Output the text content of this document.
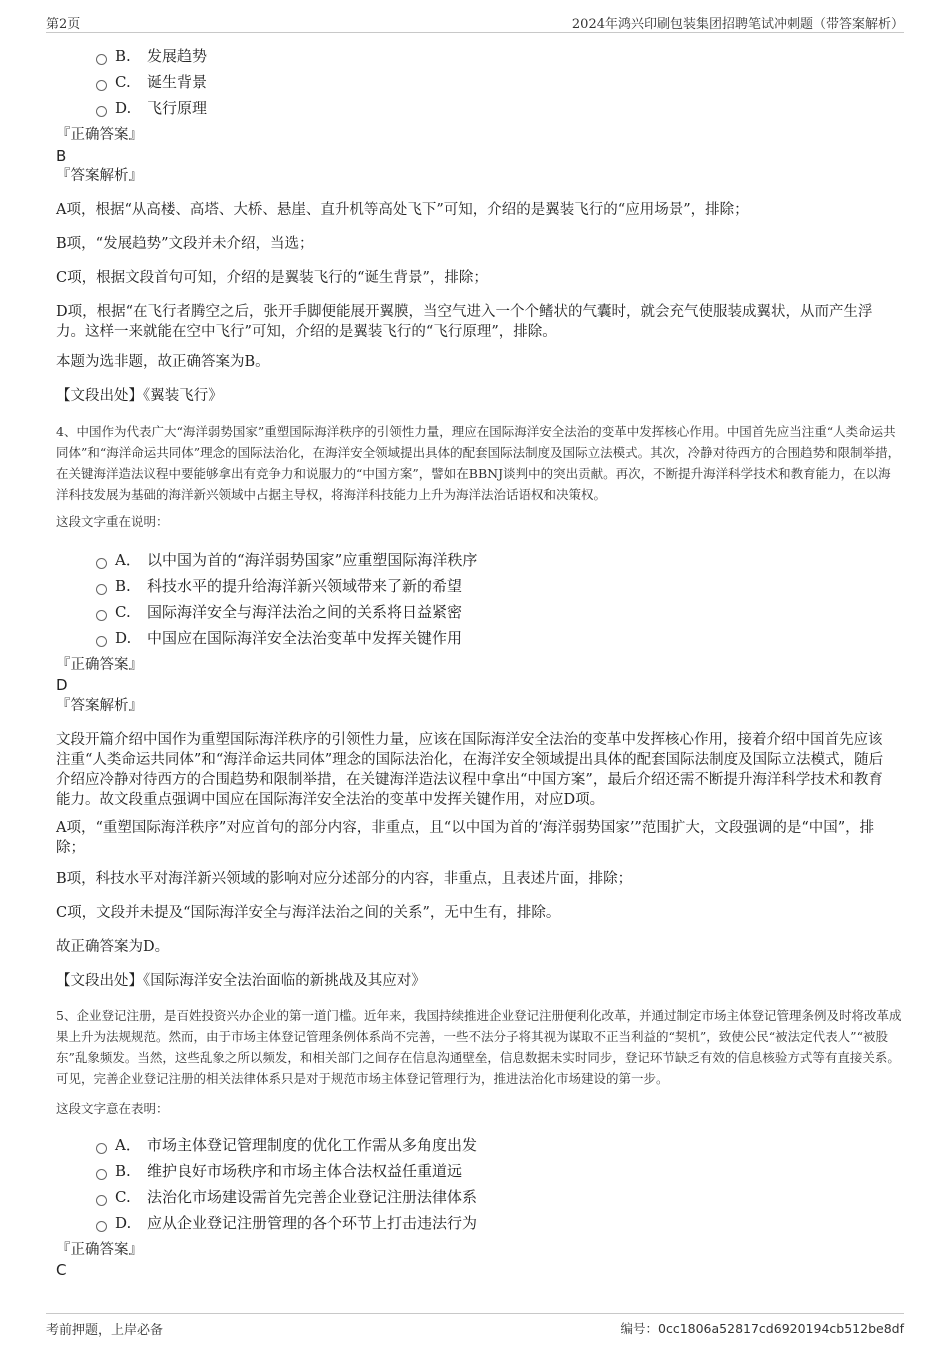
第2页	2024年鸿兴印刷包装集团招聘笔试冲刺题（带答案解析）
B. 发展趋势
C. 诞生背景
D. 飞行原理
『正确答案』
B
『答案解析』
A项，根据“从高楼、高塔、大桥、悬崖、直升机等高处飞下”可知，介绍的是翼装飞行的“应用场景”，排除；
B项，“发展趋势”文段并未介绍，当选；
C项，根据文段首句可知，介绍的是翼装飞行的“诞生背景”，排除；
D项，根据“在飞行者腾空之后，张开手脚便能展开翼膜，当空气进入一个个鳍状的气囊时，就会充气使服装成翼状，从而产生浮力。这样一来就能在空中飞行”可知，介绍的是翼装飞行的“飞行原理”，排除。
本题为选非题，故正确答案为B。
【文段出处】《翼装飞行》
4、中国作为代表广大“海洋弱势国家”重塑国际海洋秩序的引领性力量，理应在国际海洋安全法治的变革中发挥核心作用。中国首先应当注重“人类命运共同体”和“海洋命运共同体”理念的国际法治化，在海洋安全领域提出具体的配套国际法制度及国际立法模式。其次，冷静对待西方的合围趋势和限制举措，在关键海洋造法议程中要能够拿出有竞争力和说服力的“中国方案”，譬如在BBNJ谈判中的突出贡献。再次，不断提升海洋科学技术和教育能力，在以海洋科技发展为基础的海洋新兴领域中占据主导权，将海洋科技能力上升为海洋法治话语权和决策权。
这段文字重在说明：
A． 以中国为首的“海洋弱势国家”应重塑国际海洋秩序
B. 科技水平的提升给海洋新兴领域带来了新的希望
C. 国际海洋安全与海洋法治之间的关系将日益紧密
D. 中国应在国际海洋安全法治变革中发挥关键作用
『正确答案』
D
『答案解析』
文段开篇介绍中国作为重塑国际海洋秩序的引领性力量，应该在国际海洋安全法治的变革中发挥核心作用，接着介绍中国首先应该注重“人类命运共同体”和“海洋命运共同体”理念的国际法治化，在海洋安全领域提出具体的配套国际法制度及国际立法模式，随后介绍应冷静对待西方的合围趋势和限制举措，在关键海洋造法议程中拿出“中国方案”，最后介绍还需不断提升海洋科学技术和教育能力。故文段重点强调中国应在国际海洋安全法治的变革中发挥关键作用，对应D项。
A项，“重塑国际海洋秩序”对应首句的部分内容，非重点，且“以中国为首的‘海洋弱势国家’”范围扩大，文段强调的是“中国”，排除；
B项，科技水平对海洋新兴领域的影响对应分述部分的内容，非重点，且表述片面，排除；
C项，文段并未提及“国际海洋安全与海洋法治之间的关系”，无中生有，排除。
故正确答案为D。
【文段出处】《国际海洋安全法治面临的新挑战及其应对》
5、企业登记注册，是百姓投资兴办企业的第一道门槛。近年来，我国持续推进企业登记注册便利化改革，并通过制定市场主体登记管理条例及时将改革成果上升为法规规范。然而，由于市场主体登记管理条例体系尚不完善，一些不法分子将其视为谋取不正当利益的“契机”，致使公民“被法定代表人”“被股东”乱象频发。当然，这些乱象之所以频发，和相关部门之间存在信息沟通壁垒，信息数据未实时同步，登记环节缺乏有效的信息核验方式等有直接关系。可见，完善企业登记注册的相关法律体系只是对于规范市场主体登记管理行为，推进法治化市场建设的第一步。
这段文字意在表明：
A． 市场主体登记管理制度的优化工作需从多角度出发
B. 维护良好市场秩序和市场主体合法权益任重道远
C. 法治化市场建设需首先完善企业登记注册法律体系
D. 应从企业登记注册管理的各个环节上打击违法行为
『正确答案』
C
考前押题，上岸必备	编号：0cc1806a52817cd6920194cb512be8df
